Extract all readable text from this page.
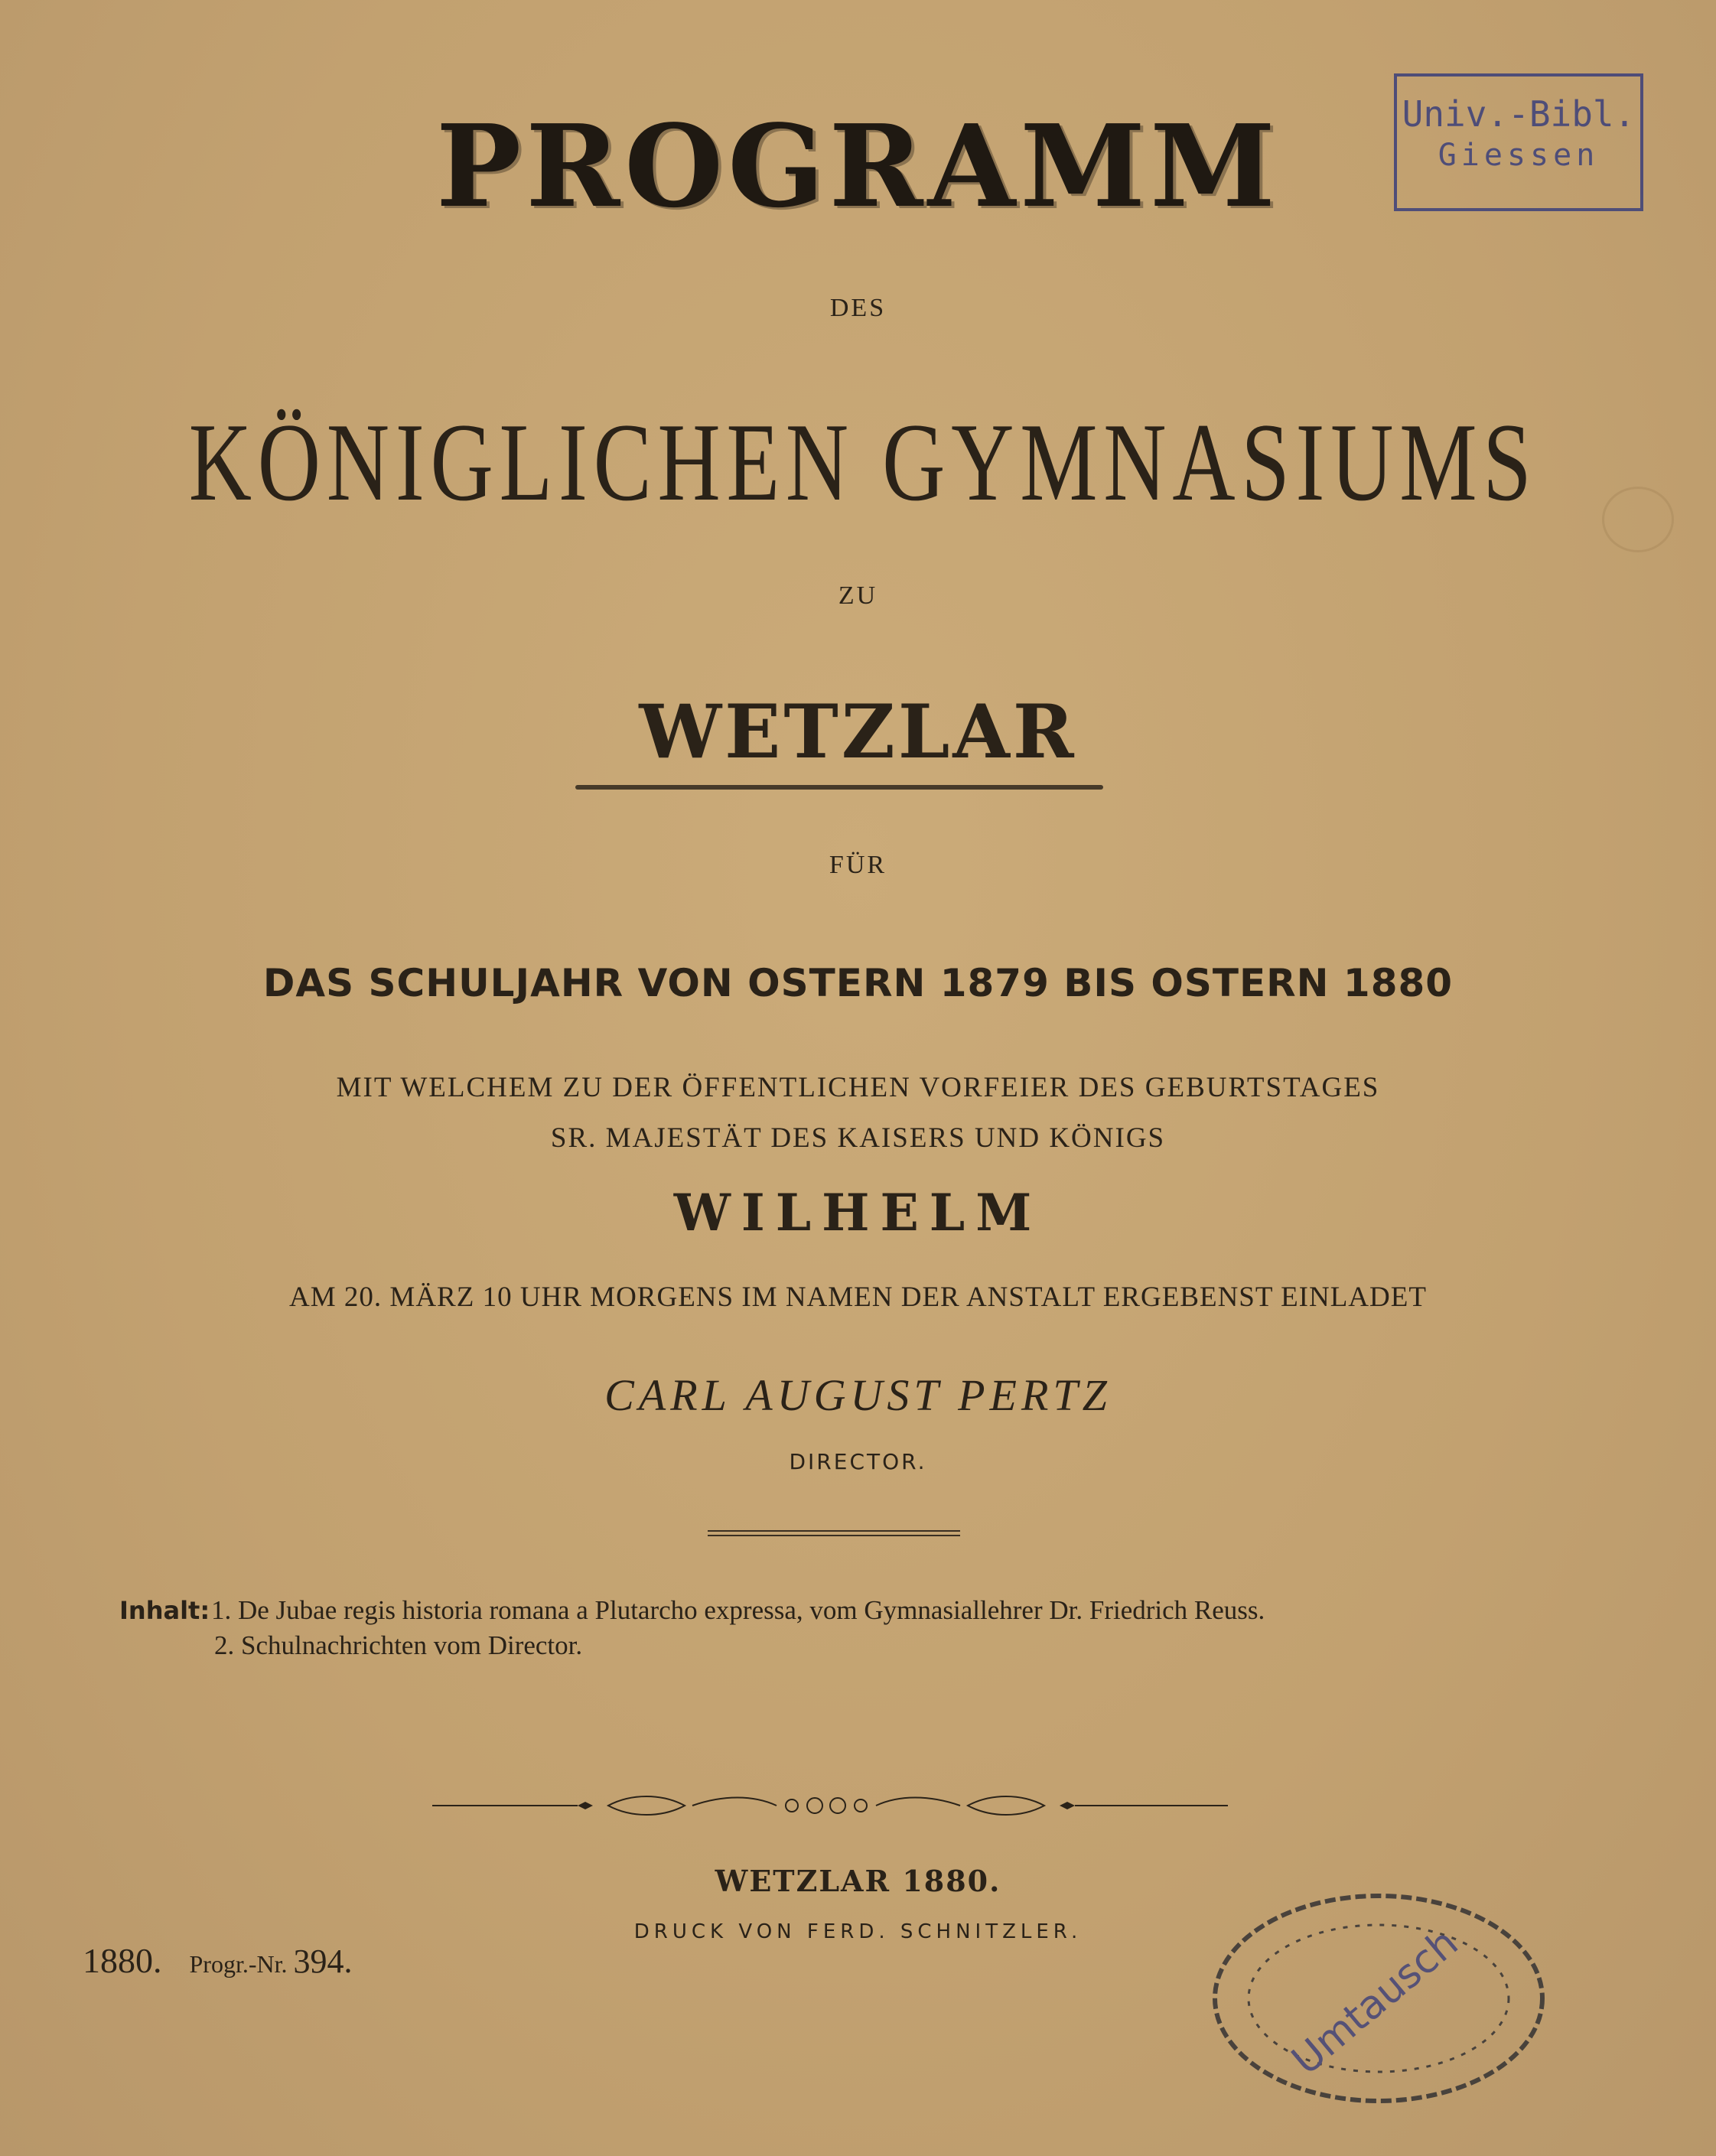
PROGRAMM
DES
KÖNIGLICHEN GYMNASIUMS
ZU
WETZLAR
FÜR
DAS SCHULJAHR VON OSTERN 1879 BIS OSTERN 1880
MIT WELCHEM ZU DER ÖFFENTLICHEN VORFEIER DES GEBURTSTAGES
SR. MAJESTÄT DES KAISERS UND KÖNIGS
WILHELM
AM 20. MÄRZ 10 UHR MORGENS IM NAMEN DER ANSTALT ERGEBENST EINLADET
CARL AUGUST PERTZ
DIRECTOR.
Inhalt:1. De Jubae regis historia romana a Plutarcho expressa, vom Gymnasiallehrer Dr. Friedrich Reuss.
2. Schulnachrichten vom Director.
WETZLAR 1880.
DRUCK VON FERD. SCHNITZLER.
1880. Progr.-Nr. 394.
Univ.-Bibl.
Giessen
Umtausch
